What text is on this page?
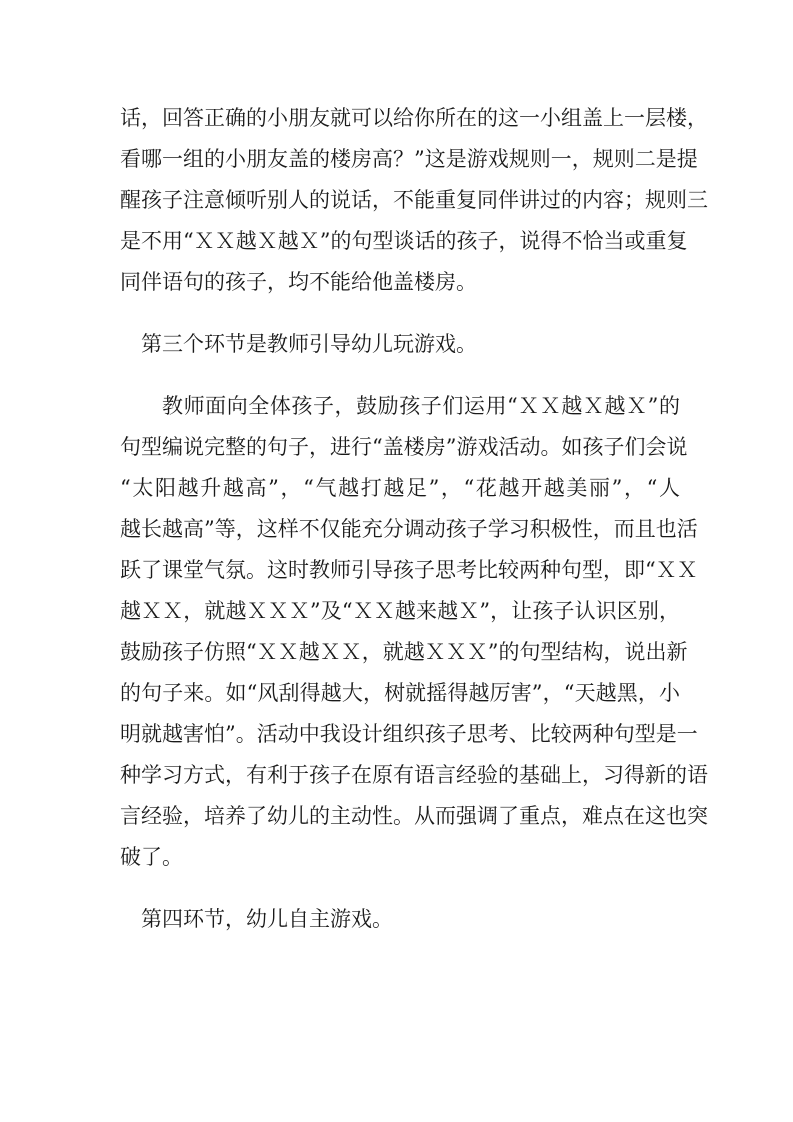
话，回答正确的小朋友就可以给你所在的这一小组盖上一层楼，
看哪一组的小朋友盖的楼房高？”这是游戏规则一，规则二是提
醒孩子注意倾听别人的说话，不能重复同伴讲过的内容；规则三
是不用“ＸＸ越Ｘ越Ｘ”的句型谈话的孩子，说得不恰当或重复
同伴语句的孩子，均不能给他盖楼房。
第三个环节是教师引导幼儿玩游戏。
教师面向全体孩子，鼓励孩子们运用“ＸＸ越Ｘ越Ｘ”的
句型编说完整的句子，进行“盖楼房”游戏活动。如孩子们会说
“太阳越升越高”，“气越打越足”，“花越开越美丽”，“人
越长越高”等，这样不仅能充分调动孩子学习积极性，而且也活
跃了课堂气氛。这时教师引导孩子思考比较两种句型，即“ＸＸ
越ＸＸ，就越ＸＸＸ”及“ＸＸ越来越Ｘ”，让孩子认识区别，
鼓励孩子仿照“ＸＸ越ＸＸ，就越ＸＸＸ”的句型结构，说出新
的句子来。如“风刮得越大，树就摇得越厉害”，“天越黑，小
明就越害怕”。活动中我设计组织孩子思考、比较两种句型是一
种学习方式，有利于孩子在原有语言经验的基础上，习得新的语
言经验，培养了幼儿的主动性。从而强调了重点，难点在这也突
破了。
第四环节，幼儿自主游戏。
